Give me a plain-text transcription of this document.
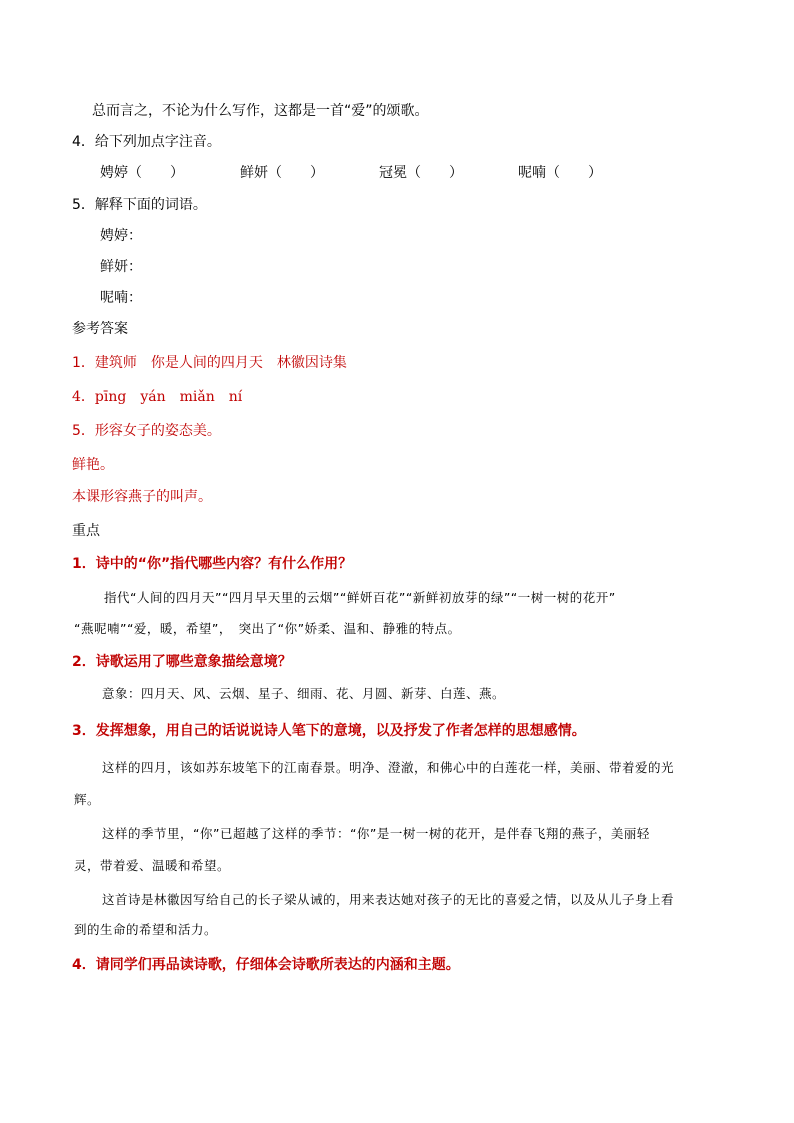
总而言之，不论为什么写作，这都是一首“爱”的颂歌。
4．给下列加点字注音。
娉婷（　　）	鲜妍（　　）	冠冕（　　）	呢喃（　　）
5．解释下面的词语。
娉婷：
鲜妍：
呢喃：
参考答案
1．建筑师　你是人间的四月天　林徽因诗集
4．pīng　yán　miǎn　ní
5．形容女子的姿态美。
鲜艳。
本课形容燕子的叫声。
重点
1．诗中的“你”指代哪些内容？有什么作用？
指代“人间的四月天”“四月早天里的云烟”“鲜妍百花”“新鲜初放芽的绿”“一树一树的花开”
“燕呢喃”“爱，暖，希望”，　突出了“你”娇柔、温和、静雅的特点。
2．诗歌运用了哪些意象描绘意境？
意象：四月天、风、云烟、星子、细雨、花、月圆、新芽、白莲、燕。
3．发挥想象，用自己的话说说诗人笔下的意境，以及抒发了作者怎样的思想感情。
这样的四月，该如苏东坡笔下的江南春景。明净、澄澈，和佛心中的白莲花一样，美丽、带着爱的光
辉。
这样的季节里，“你”已超越了这样的季节：“你”是一树一树的花开，是伴春飞翔的燕子，美丽轻
灵，带着爱、温暖和希望。
这首诗是林徽因写给自己的长子梁从诫的，用来表达她对孩子的无比的喜爱之情，以及从儿子身上看
到的生命的希望和活力。
4．请同学们再品读诗歌，仔细体会诗歌所表达的内涵和主题。
